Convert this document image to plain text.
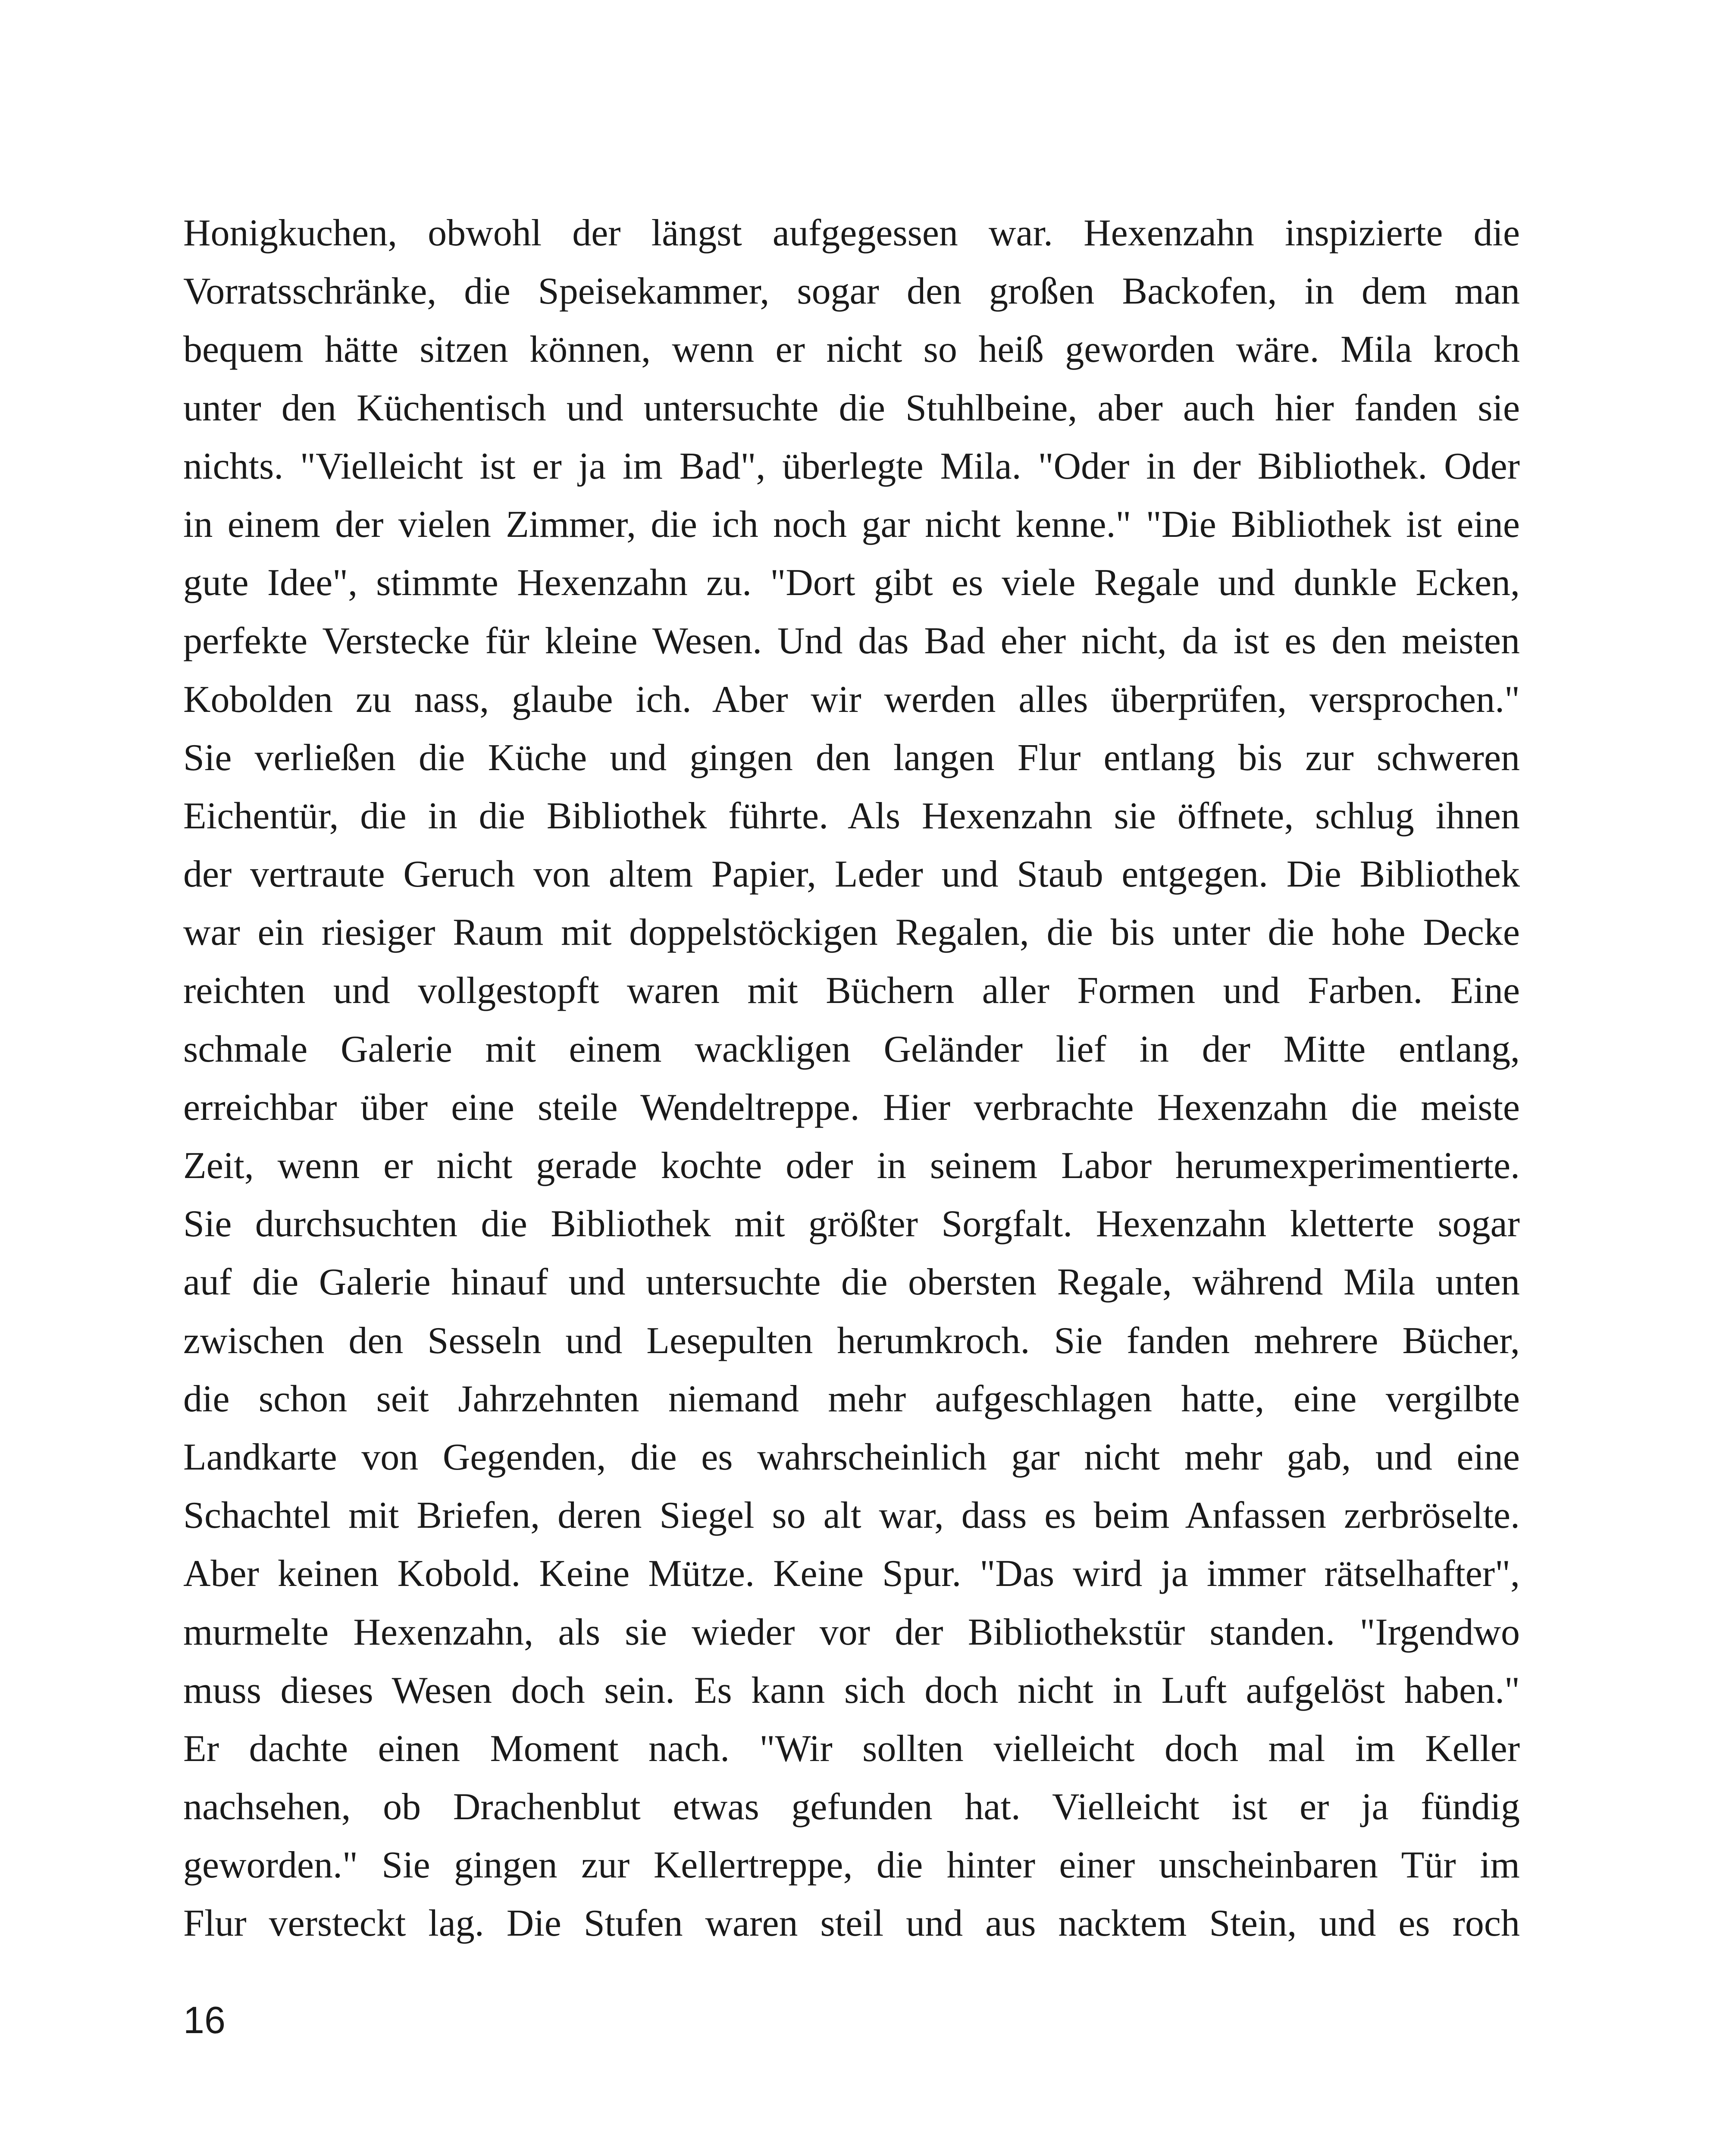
Honigkuchen, obwohl der längst aufgegessen war. Hexenzahn inspizierte die
Vorratsschränke, die Speisekammer, sogar den großen Backofen, in dem man
bequem hätte sitzen können, wenn er nicht so heiß geworden wäre. Mila kroch
unter den Küchentisch und untersuchte die Stuhlbeine, aber auch hier fanden sie
nichts. "Vielleicht ist er ja im Bad", überlegte Mila. "Oder in der Bibliothek. Oder
in einem der vielen Zimmer, die ich noch gar nicht kenne." "Die Bibliothek ist eine
gute Idee", stimmte Hexenzahn zu. "Dort gibt es viele Regale und dunkle Ecken,
perfekte Verstecke für kleine Wesen. Und das Bad eher nicht, da ist es den meisten
Kobolden zu nass, glaube ich. Aber wir werden alles überprüfen, versprochen."
Sie verließen die Küche und gingen den langen Flur entlang bis zur schweren
Eichentür, die in die Bibliothek führte. Als Hexenzahn sie öffnete, schlug ihnen
der vertraute Geruch von altem Papier, Leder und Staub entgegen. Die Bibliothek
war ein riesiger Raum mit doppelstöckigen Regalen, die bis unter die hohe Decke
reichten und vollgestopft waren mit Büchern aller Formen und Farben. Eine
schmale Galerie mit einem wackligen Geländer lief in der Mitte entlang,
erreichbar über eine steile Wendeltreppe. Hier verbrachte Hexenzahn die meiste
Zeit, wenn er nicht gerade kochte oder in seinem Labor herumexperimentierte.
Sie durchsuchten die Bibliothek mit größter Sorgfalt. Hexenzahn kletterte sogar
auf die Galerie hinauf und untersuchte die obersten Regale, während Mila unten
zwischen den Sesseln und Lesepulten herumkroch. Sie fanden mehrere Bücher,
die schon seit Jahrzehnten niemand mehr aufgeschlagen hatte, eine vergilbte
Landkarte von Gegenden, die es wahrscheinlich gar nicht mehr gab, und eine
Schachtel mit Briefen, deren Siegel so alt war, dass es beim Anfassen zerbröselte.
Aber keinen Kobold. Keine Mütze. Keine Spur. "Das wird ja immer rätselhafter",
murmelte Hexenzahn, als sie wieder vor der Bibliothekstür standen. "Irgendwo
muss dieses Wesen doch sein. Es kann sich doch nicht in Luft aufgelöst haben."
Er dachte einen Moment nach. "Wir sollten vielleicht doch mal im Keller
nachsehen, ob Drachenblut etwas gefunden hat. Vielleicht ist er ja fündig
geworden." Sie gingen zur Kellertreppe, die hinter einer unscheinbaren Tür im
Flur versteckt lag. Die Stufen waren steil und aus nacktem Stein, und es roch
16
